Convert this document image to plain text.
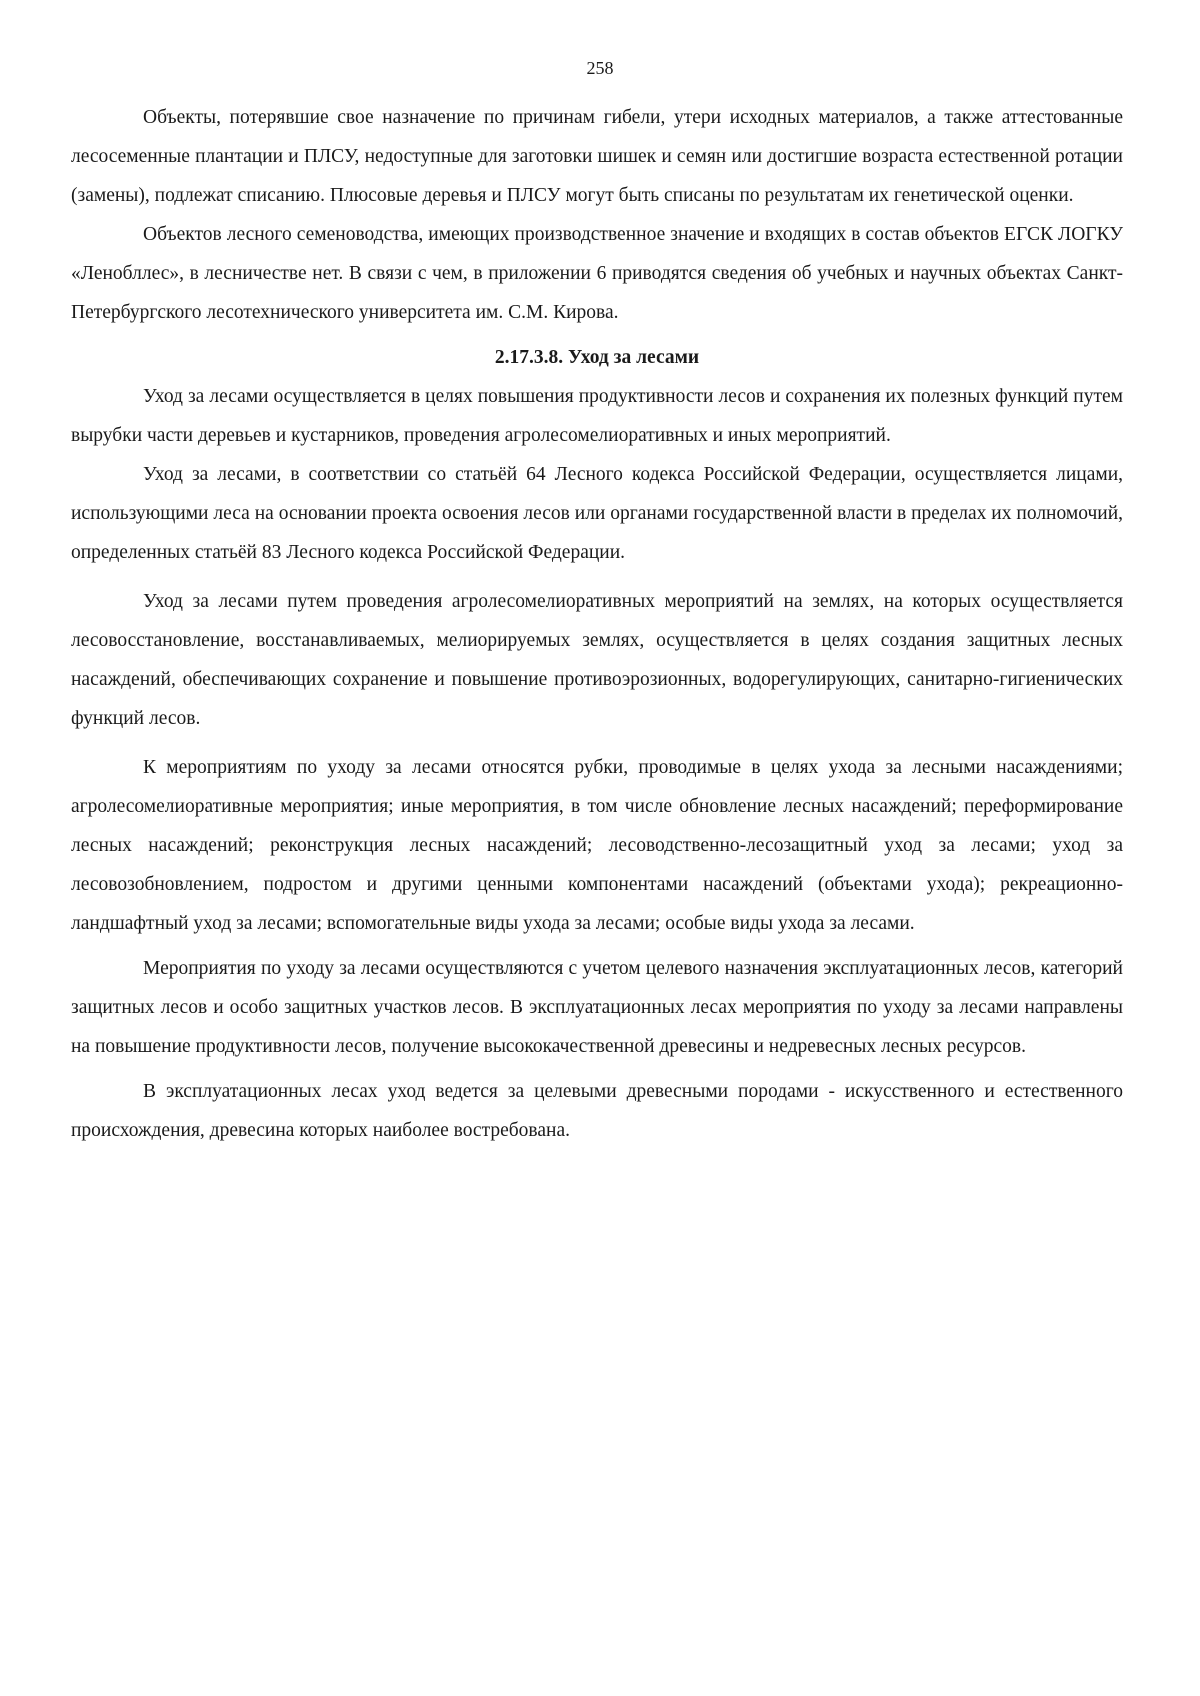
258

Объекты, потерявшие свое назначение по причинам гибели, утери исходных материалов, а также аттестованные лесосеменные плантации и ПЛСУ, недоступные для заготовки шишек и семян или достигшие возраста естественной ротации (замены), подлежат списанию. Плюсовые деревья и ПЛСУ могут быть списаны по результатам их генетической оценки.

Объектов лесного семеноводства, имеющих производственное значение и входящих в состав объектов ЕГСК ЛОГКУ «Ленобллес», в лесничестве нет. В связи с чем, в приложении 6 приводятся сведения об учебных и научных объектах Санкт-Петербургского лесотехнического университета им. С.М. Кирова.

2.17.3.8. Уход за лесами

Уход за лесами осуществляется в целях повышения продуктивности лесов и сохранения их полезных функций путем вырубки части деревьев и кустарников, проведения агролесомелиоративных и иных мероприятий.

Уход за лесами, в соответствии со статьёй 64 Лесного кодекса Российской Федерации, осуществляется лицами, использующими леса на основании проекта освоения лесов или органами государственной власти в пределах их полномочий, определенных статьёй 83 Лесного кодекса Российской Федерации.

Уход за лесами путем проведения агролесомелиоративных мероприятий на землях, на которых осуществляется лесовосстановление, восстанавливаемых, мелиорируемых землях, осуществляется в целях создания защитных лесных насаждений, обеспечивающих сохранение и повышение противоэрозионных, водорегулирующих, санитарно-гигиенических функций лесов.

К мероприятиям по уходу за лесами относятся рубки, проводимые в целях ухода за лесными насаждениями; агролесомелиоративные мероприятия; иные мероприятия, в том числе обновление лесных насаждений; переформирование лесных насаждений; реконструкция лесных насаждений; лесоводственно-лесозащитный уход за лесами; уход за лесовозобновлением, подростом и другими ценными компонентами насаждений (объектами ухода); рекреационно-ландшафтный уход за лесами; вспомогательные виды ухода за лесами; особые виды ухода за лесами.

Мероприятия по уходу за лесами осуществляются с учетом целевого назначения эксплуатационных лесов, категорий защитных лесов и особо защитных участков лесов. В эксплуатационных лесах мероприятия по уходу за лесами направлены на повышение продуктивности лесов, получение высококачественной древесины и недревесных лесных ресурсов.

В эксплуатационных лесах уход ведется за целевыми древесными породами - искусственного и естественного происхождения, древесина которых наиболее востребована.
